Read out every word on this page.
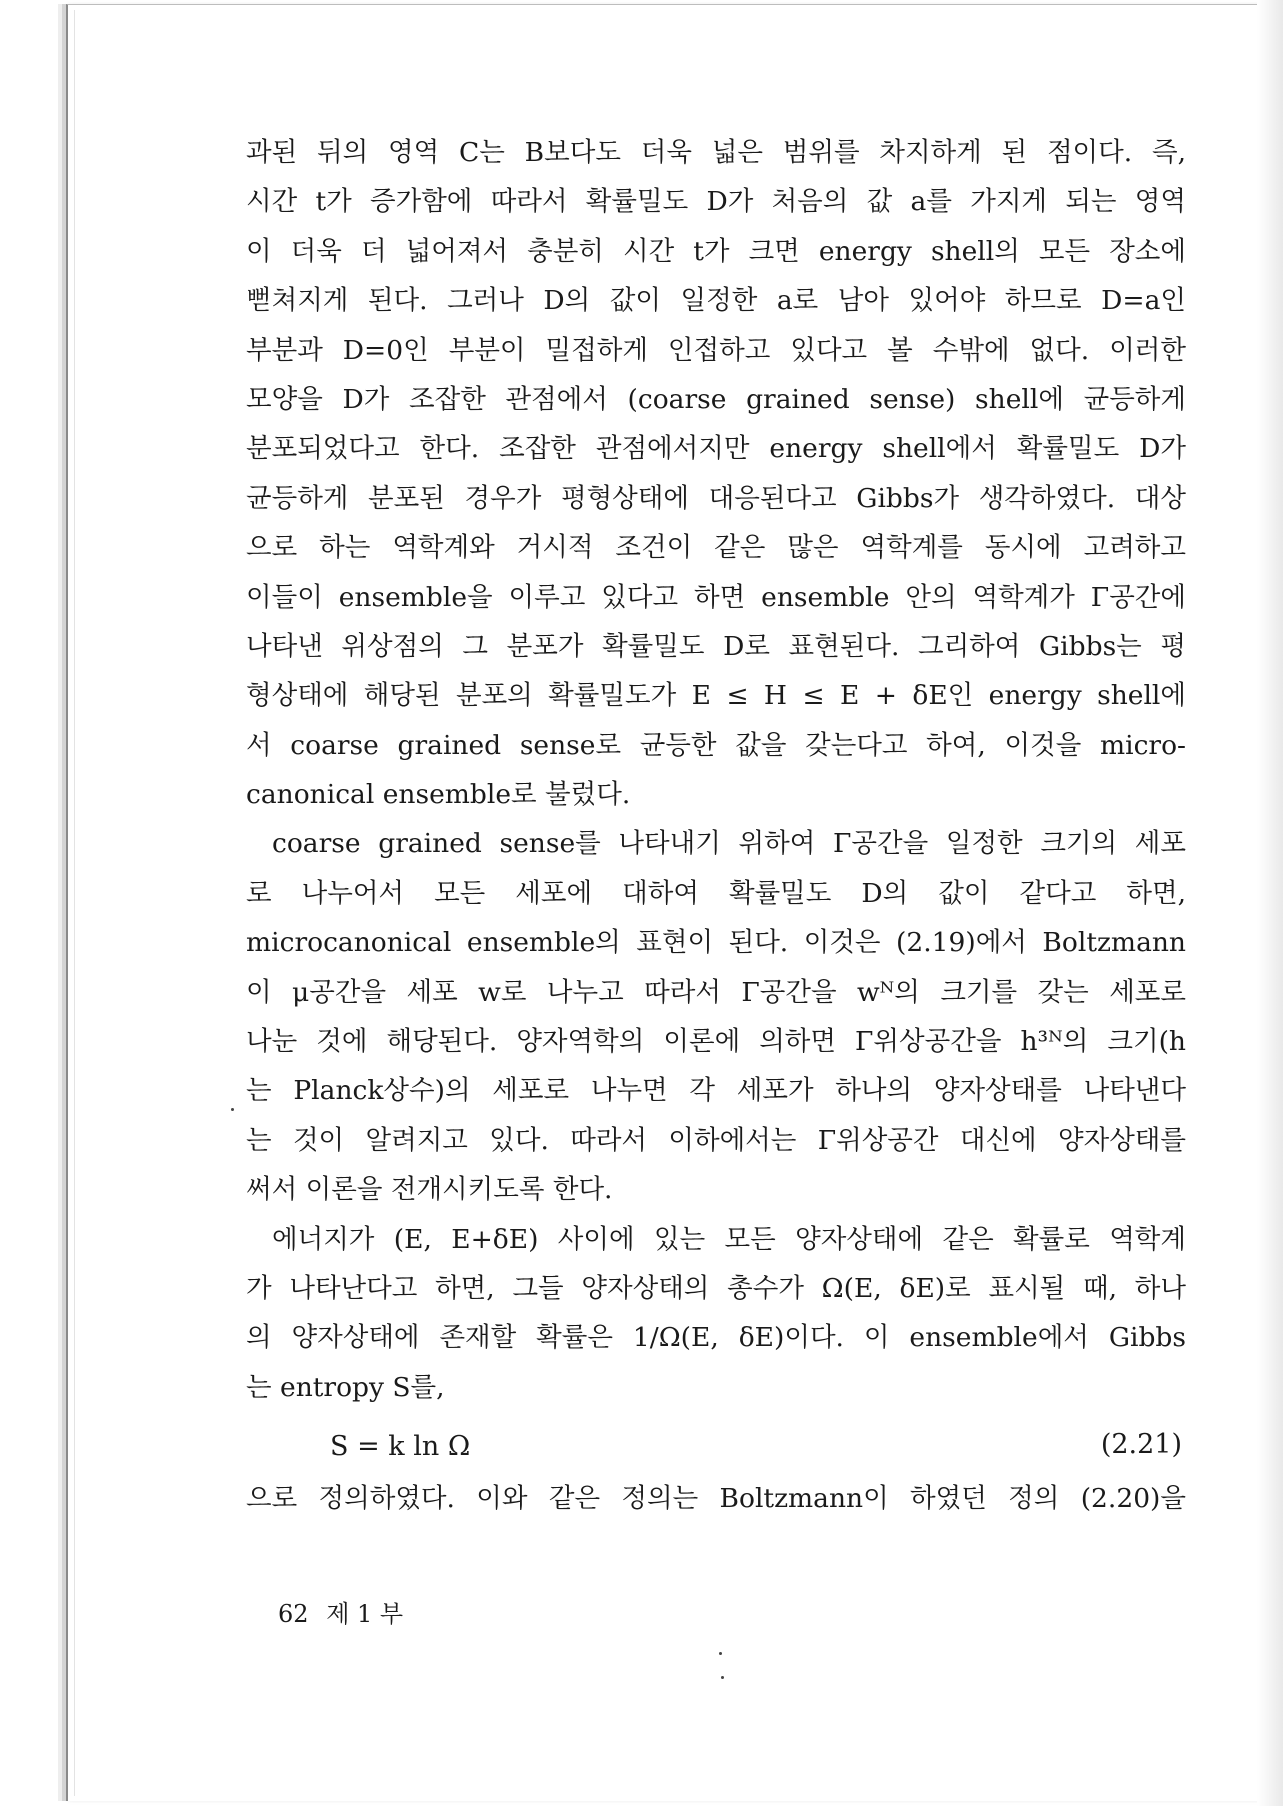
과된 뒤의 영역 C는 B보다도 더욱 넓은 범위를 차지하게 된 점이다. 즉,
시간 t가 증가함에 따라서 확률밀도 D가 처음의 값 a를 가지게 되는 영역
이 더욱 더 넓어져서 충분히 시간 t가 크면 energy shell의 모든 장소에
뻗쳐지게 된다. 그러나 D의 값이 일정한 a로 남아 있어야 하므로 D=a인
부분과 D=0인 부분이 밀접하게 인접하고 있다고 볼 수밖에 없다. 이러한
모양을 D가 조잡한 관점에서 (coarse grained sense) shell에 균등하게
분포되었다고 한다. 조잡한 관점에서지만 energy shell에서 확률밀도 D가
균등하게 분포된 경우가 평형상태에 대응된다고 Gibbs가 생각하였다. 대상
으로 하는 역학계와 거시적 조건이 같은 많은 역학계를 동시에 고려하고
이들이 ensemble을 이루고 있다고 하면 ensemble 안의 역학계가 Γ공간에
나타낸 위상점의 그 분포가 확률밀도 D로 표현된다. 그리하여 Gibbs는 평
형상태에 해당된 분포의 확률밀도가 E ≤ H ≤ E + δE인 energy shell에
서 coarse grained sense로 균등한 값을 갖는다고 하여, 이것을 micro-
canonical ensemble로 불렀다.
coarse grained sense를 나타내기 위하여 Γ공간을 일정한 크기의 세포
로 나누어서 모든 세포에 대하여 확률밀도 D의 값이 같다고 하면,
microcanonical ensemble의 표현이 된다. 이것은 (2.19)에서 Boltzmann
이 μ공간을 세포 w로 나누고 따라서 Γ공간을 wᴺ의 크기를 갖는 세포로
나눈 것에 해당된다. 양자역학의 이론에 의하면 Γ위상공간을 h³ᴺ의 크기(h
는 Planck상수)의 세포로 나누면 각 세포가 하나의 양자상태를 나타낸다
는 것이 알려지고 있다. 따라서 이하에서는 Γ위상공간 대신에 양자상태를
써서 이론을 전개시키도록 한다.
에너지가 (E, E+δE) 사이에 있는 모든 양자상태에 같은 확률로 역학계
가 나타난다고 하면, 그들 양자상태의 총수가 Ω(E, δE)로 표시될 때, 하나
의 양자상태에 존재할 확률은 1/Ω(E, δE)이다. 이 ensemble에서 Gibbs
는 entropy S를,
S = k ln Ω	(2.21)
으로 정의하였다. 이와 같은 정의는 Boltzmann이 하였던 정의 (2.20)을
62 제 1 부
